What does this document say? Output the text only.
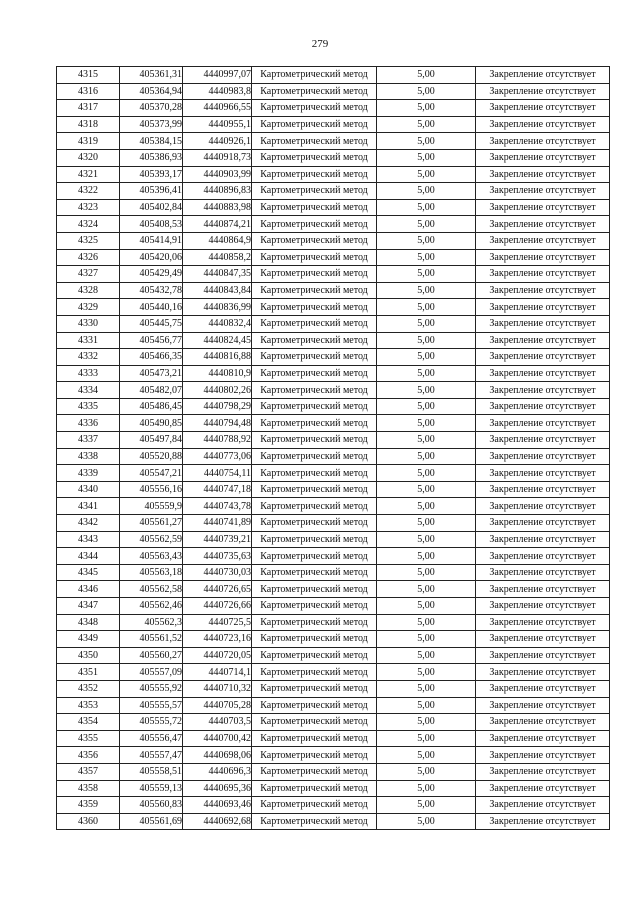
279
4315	405361,31	4440997,07	Картометрический метод	5,00	Закрепление отсутствует
4316	405364,94	4440983,8	Картометрический метод	5,00	Закрепление отсутствует
4317	405370,28	4440966,55	Картометрический метод	5,00	Закрепление отсутствует
4318	405373,99	4440955,1	Картометрический метод	5,00	Закрепление отсутствует
4319	405384,15	4440926,1	Картометрический метод	5,00	Закрепление отсутствует
4320	405386,93	4440918,73	Картометрический метод	5,00	Закрепление отсутствует
4321	405393,17	4440903,99	Картометрический метод	5,00	Закрепление отсутствует
4322	405396,41	4440896,83	Картометрический метод	5,00	Закрепление отсутствует
4323	405402,84	4440883,98	Картометрический метод	5,00	Закрепление отсутствует
4324	405408,53	4440874,21	Картометрический метод	5,00	Закрепление отсутствует
4325	405414,91	4440864,9	Картометрический метод	5,00	Закрепление отсутствует
4326	405420,06	4440858,2	Картометрический метод	5,00	Закрепление отсутствует
4327	405429,49	4440847,35	Картометрический метод	5,00	Закрепление отсутствует
4328	405432,78	4440843,84	Картометрический метод	5,00	Закрепление отсутствует
4329	405440,16	4440836,99	Картометрический метод	5,00	Закрепление отсутствует
4330	405445,75	4440832,4	Картометрический метод	5,00	Закрепление отсутствует
4331	405456,77	4440824,45	Картометрический метод	5,00	Закрепление отсутствует
4332	405466,35	4440816,88	Картометрический метод	5,00	Закрепление отсутствует
4333	405473,21	4440810,9	Картометрический метод	5,00	Закрепление отсутствует
4334	405482,07	4440802,26	Картометрический метод	5,00	Закрепление отсутствует
4335	405486,45	4440798,29	Картометрический метод	5,00	Закрепление отсутствует
4336	405490,85	4440794,48	Картометрический метод	5,00	Закрепление отсутствует
4337	405497,84	4440788,92	Картометрический метод	5,00	Закрепление отсутствует
4338	405520,88	4440773,06	Картометрический метод	5,00	Закрепление отсутствует
4339	405547,21	4440754,11	Картометрический метод	5,00	Закрепление отсутствует
4340	405556,16	4440747,18	Картометрический метод	5,00	Закрепление отсутствует
4341	405559,9	4440743,78	Картометрический метод	5,00	Закрепление отсутствует
4342	405561,27	4440741,89	Картометрический метод	5,00	Закрепление отсутствует
4343	405562,59	4440739,21	Картометрический метод	5,00	Закрепление отсутствует
4344	405563,43	4440735,63	Картометрический метод	5,00	Закрепление отсутствует
4345	405563,18	4440730,03	Картометрический метод	5,00	Закрепление отсутствует
4346	405562,58	4440726,65	Картометрический метод	5,00	Закрепление отсутствует
4347	405562,46	4440726,66	Картометрический метод	5,00	Закрепление отсутствует
4348	405562,3	4440725,5	Картометрический метод	5,00	Закрепление отсутствует
4349	405561,52	4440723,16	Картометрический метод	5,00	Закрепление отсутствует
4350	405560,27	4440720,05	Картометрический метод	5,00	Закрепление отсутствует
4351	405557,09	4440714,1	Картометрический метод	5,00	Закрепление отсутствует
4352	405555,92	4440710,32	Картометрический метод	5,00	Закрепление отсутствует
4353	405555,57	4440705,28	Картометрический метод	5,00	Закрепление отсутствует
4354	405555,72	4440703,5	Картометрический метод	5,00	Закрепление отсутствует
4355	405556,47	4440700,42	Картометрический метод	5,00	Закрепление отсутствует
4356	405557,47	4440698,06	Картометрический метод	5,00	Закрепление отсутствует
4357	405558,51	4440696,3	Картометрический метод	5,00	Закрепление отсутствует
4358	405559,13	4440695,36	Картометрический метод	5,00	Закрепление отсутствует
4359	405560,83	4440693,46	Картометрический метод	5,00	Закрепление отсутствует
4360	405561,69	4440692,68	Картометрический метод	5,00	Закрепление отсутствует
